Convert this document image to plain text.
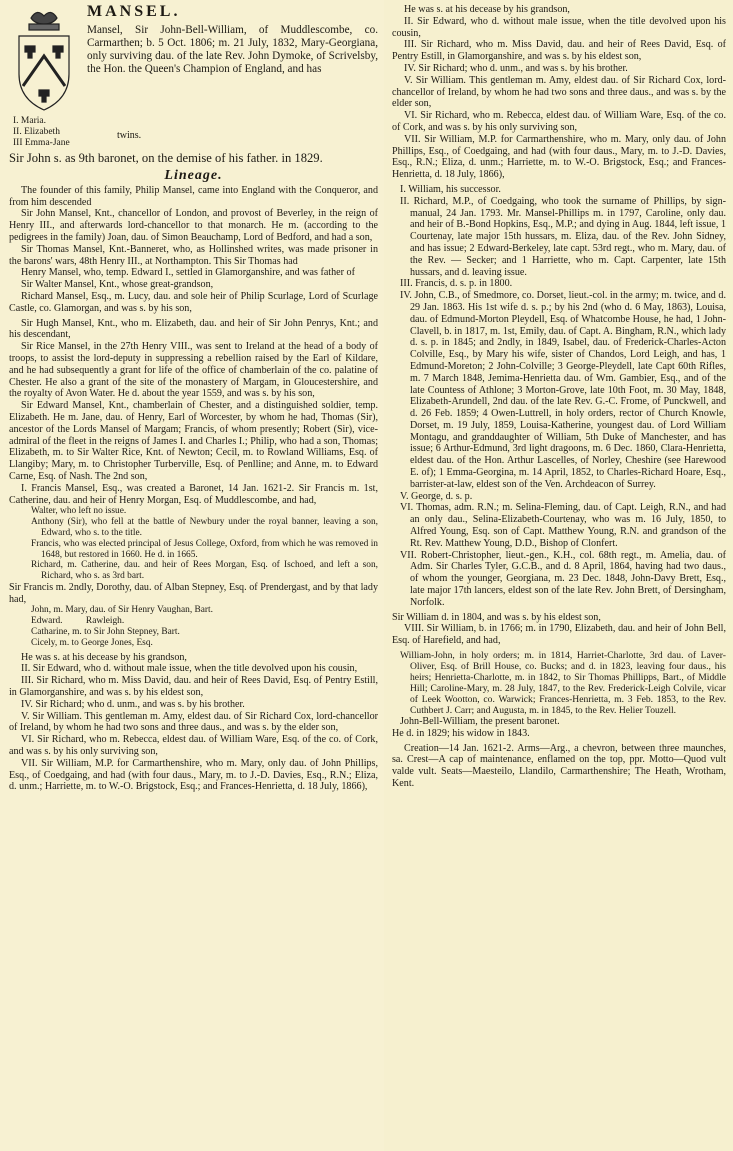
MANSEL.

Mansel, Sir John-Bell-William, of Muddlescombe, co. Carmarthen; b. 5 Oct. 1806; m. 21 July, 1832, Mary-Georgiana, only surviving dau. of the late Rev. John Dymoke, of Scrivelsby, the Hon. the Queen's Champion of England, and has

I. Maria.
II. Elizabeth
III Emma-Jane
twins.

Sir John s. as 9th baronet, on the demise of his father. in 1829.

Lineage.

The founder of this family, Philip Mansel, came into England with the Conqueror, and from him descended

Sir John Mansel, Knt., chancellor of London, and provost of Beverley, in the reign of Henry III., and afterwards lord-chancellor to that monarch. He m. (according to the pedigrees in the family) Joan, dau. of Simon Beauchamp, Lord of Bedford, and had a son,

Sir Thomas Mansel, Knt.-Banneret, who, as Hollinshed writes, was made prisoner in the barons' wars, 48th Henry III., at Northampton. This Sir Thomas had

Henry Mansel, who, temp. Edward I., settled in Glamorganshire, and was father of

Sir Walter Mansel, Knt., whose great-grandson,

Richard Mansel, Esq., m. Lucy, dau. and sole heir of Philip Scurlage, Lord of Scurlage Castle, co. Glamorgan, and was s. by his son,

Sir Hugh Mansel, Knt., who m. Elizabeth, dau. and heir of Sir John Penrys, Knt.; and his descendant,

Sir Rice Mansel, in the 27th Henry VIII., was sent to Ireland at the head of a body of troops, to assist the lord-deputy in suppressing a rebellion raised by the Earl of Kildare, and he had subsequently a grant for life of the office of chamberlain of the co. palatine of Chester. He also a grant of the site of the monastery of Margam, in Gloucestershire, and the royalty of Avon Water. He d. about the year 1559, and was s. by his son,

Sir Edward Mansel, Knt., chamberlain of Chester, and a distinguished soldier, temp. Elizabeth. He m. Jane, dau. of Henry, Earl of Worcester, by whom he had, Thomas (Sir), ancestor of the Lords Mansel of Margam; Francis, of whom presently; Robert (Sir), vice-admiral of the fleet in the reigns of James I. and Charles I.; Philip, who had a son, Thomas; Elizabeth, m. to Sir Walter Rice, Knt. of Newton; Cecil, m. to Rowland Williams, Esq. of Llangiby; Mary, m. to Christopher Turberville, Esq. of Penlline; and Anne, m. to Edward Carne, Esq. of Nash. The 2nd son,

I. Francis Mansel, Esq., was created a Baronet, 14 Jan. 1621-2. Sir Francis m. 1st, Catherine, dau. and heir of Henry Morgan, Esq. of Muddlescombe, and had,

Walter, who left no issue.

Anthony (Sir), who fell at the battle of Newbury under the royal banner, leaving a son, Edward, who s. to the title.

Francis, who was elected principal of Jesus College, Oxford, from which he was removed in 1648, but restored in 1660. He d. in 1665.

Richard, m. Catherine, dau. and heir of Rees Morgan, Esq. of Ischoed, and left a son, Richard, who s. as 3rd bart.

Sir Francis m. 2ndly, Dorothy, dau. of Alban Stepney, Esq. of Prendergast, and by that lady had,

John, m. Mary, dau. of Sir Henry Vaughan, Bart.

Edward.          Rawleigh.

Catharine, m. to Sir John Stepney, Bart.

Cicely, m. to George Jones, Esq.

He was s. at his decease by his grandson,

II. Sir Edward, who d. without male issue, when the title devolved upon his cousin,

III. Sir Richard, who m. Miss David, dau. and heir of Rees David, Esq. of Pentry Estill, in Glamorganshire, and was s. by his eldest son,

IV. Sir Richard; who d. unm., and was s. by his brother.

V. Sir William. This gentleman m. Amy, eldest dau. of Sir Richard Cox, lord-chancellor of Ireland, by whom he had two sons and three daus., and was s. by the elder son,

VI. Sir Richard, who m. Rebecca, eldest dau. of William Ware, Esq. of the co. of Cork, and was s. by his only surviving son,

VII. Sir William, M.P. for Carmarthenshire, who m. Mary, only dau. of John Phillips, Esq., of Coedgaing, and had (with four daus., Mary, m. to J.-D. Davies, Esq., R.N.; Eliza, d. unm.; Harriette, m. to W.-O. Brigstock, Esq.; and Frances-Henrietta, d. 18 July, 1866),

He was s. at his decease by his grandson,

II. Sir Edward, who d. without male issue, when the title devolved upon his cousin,

III. Sir Richard, who m. Miss David, dau. and heir of Rees David, Esq. of Pentry Estill, in Glamorganshire, and was s. by his eldest son,

IV. Sir Richard; who d. unm., and was s. by his brother.

V. Sir William. This gentleman m. Amy, eldest dau. of Sir Richard Cox, lord-chancellor of Ireland, by whom he had two sons and three daus., and was s. by the elder son,

VI. Sir Richard, who m. Rebecca, eldest dau. of William Ware, Esq. of the co. of Cork, and was s. by his only surviving son,

VII. Sir William, M.P. for Carmarthenshire, who m. Mary, only dau. of John Phillips, Esq., of Coedgaing, and had (with four daus., Mary, m. to J.-D. Davies, Esq., R.N.; Eliza, d. unm.; Harriette, m. to W.-O. Brigstock, Esq.; and Frances-Henrietta, d. 18 July, 1866),

I. William, his successor.

II. Richard, M.P., of Coedgaing, who took the surname of Phillips, by sign-manual, 24 Jan. 1793. Mr. Mansel-Phillips m. in 1797, Caroline, only dau. and heir of B.-Bond Hopkins, Esq., M.P.; and dying in Aug. 1844, left issue, 1 Courtenay, late major 15th hussars, m. Eliza, dau. of the Rev. John Sidney, and has issue; 2 Edward-Berkeley, late capt. 53rd regt., who m. Mary, dau. of the Rev. — Secker; and 1 Harriette, who m. Capt. Carpenter, late 15th hussars, and d. leaving issue.

III. Francis, d. s. p. in 1800.

IV. John, C.B., of Smedmore, co. Dorset, lieut.-col. in the army; m. twice, and d. 29 Jan. 1863. His 1st wife d. s. p.; by his 2nd (who d. 6 May, 1863), Louisa, dau. of Edmund-Morton Pleydell, Esq. of Whatcombe House, he had, 1 John-Clavell, b. in 1817, m. 1st, Emily, dau. of Capt. A. Bingham, R.N., which lady d. s. p. in 1845; and 2ndly, in 1849, Isabel, dau. of Frederick-Charles-Acton Colville, Esq., by Mary his wife, sister of Chandos, Lord Leigh, and has, 1 Edmund-Moreton; 2 John-Colville; 3 George-Pleydell, late Capt 60th Rifles, m. 7 March 1848, Jemima-Henrietta dau. of Wm. Gambier, Esq., and of the late Countess of Athlone; 3 Morton-Grove, late 10th Foot, m. 30 May, 1848, Elizabeth-Arundell, 2nd dau. of the late Rev. G.-C. Frome, of Punckwell, and d. 26 Feb. 1859; 4 Owen-Luttrell, in holy orders, rector of Church Knowle, Dorset, m. 19 July, 1859, Louisa-Katherine, youngest dau. of Lord William Montagu, and granddaughter of William, 5th Duke of Manchester, and has issue; 6 Arthur-Edmund, 3rd light dragoons, m. 6 Dec. 1860, Clara-Henrietta, eldest dau. of the Hon. Arthur Lascelles, of Norley, Cheshire (see Harewood E. of); 1 Emma-Georgina, m. 14 April, 1852, to Charles-Richard Hoare, Esq., barrister-at-law, eldest son of the Ven. Archdeacon of Surrey.

V. George, d. s. p.

VI. Thomas, adm. R.N.; m. Selina-Fleming, dau. of Capt. Leigh, R.N., and had an only dau., Selina-Elizabeth-Courtenay, who was m. 16 July, 1850, to Alfred Young, Esq. son of Capt. Matthew Young, R.N. and grandson of the Rt. Rev. Matthew Young, D.D., Bishop of Clonfert.

VII. Robert-Christopher, lieut.-gen., K.H., col. 68th regt., m. Amelia, dau. of Adm. Sir Charles Tyler, G.C.B., and d. 8 April, 1864, having had two daus., of whom the younger, Georgiana, m. 23 Dec. 1848, John-Davy Brett, Esq., late major 17th lancers, eldest son of the late Rev. John Brett, of Dersingham, Norfolk.

Sir William d. in 1804, and was s. by his eldest son,

VIII. Sir William, b. in 1766; m. in 1790, Elizabeth, dau. and heir of John Bell, Esq. of Harefield, and had,

William-John, in holy orders; m. in 1814, Harriet-Charlotte, 3rd dau. of Laver-Oliver, Esq. of Brill House, co. Bucks; and d. in 1823, leaving four daus., his heirs; Henrietta-Charlotte, m. in 1842, to Sir Thomas Phillipps, Bart., of Middle Hill; Caroline-Mary, m. 28 July, 1847, to the Rev. Frederick-Leigh Colvile, vicar of Leek Wootton, co. Warwick; Frances-Henrietta, m. 3 Feb. 1853, to the Rev. Cuthbert J. Carr; and Augusta, m. in 1845, to the Rev. Helier Touzell.

John-Bell-William, the present baronet.

He d. in 1829; his widow in 1843.

Creation—14 Jan. 1621-2. Arms—Arg., a chevron, between three maunches, sa. Crest—A cap of maintenance, enflamed on the top, ppr. Motto—Quod vult valde vult. Seats—Maesteilo, Llandilo, Carmarthenshire; The Heath, Wrotham, Kent.
